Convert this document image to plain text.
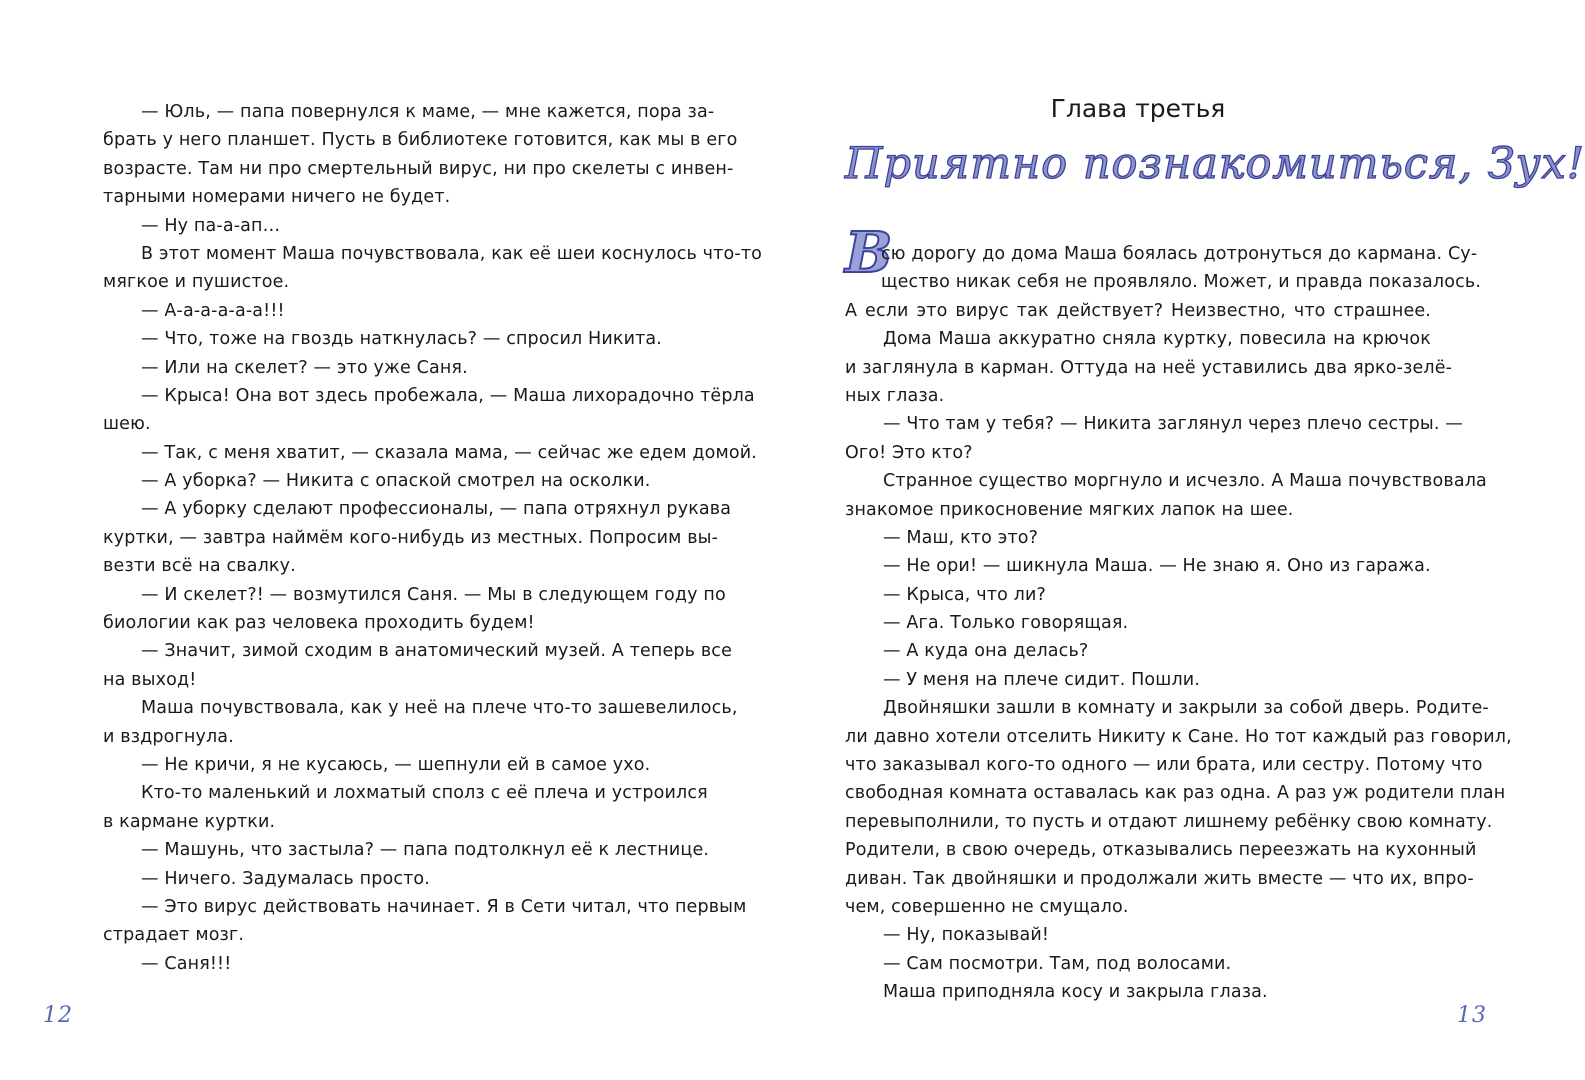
— Юль, — папа повернулся к маме, — мне кажется, пора за-
брать у него планшет. Пусть в библиотеке готовится, как мы в его
возрасте. Там ни про смертельный вирус, ни про скелеты с инвен-
тарными номерами ничего не будет.
— Ну па-а-ап…
В этот момент Маша почувствовала, как её шеи коснулось что-то
мягкое и пушистое.
— А-а-а-а-а-а!!!
— Что, тоже на гвоздь наткнулась? — спросил Никита.
— Или на скелет? — это уже Саня.
— Крыса! Она вот здесь пробежала, — Маша лихорадочно тёрла
шею.
— Так, с меня хватит, — сказала мама, — сейчас же едем домой.
— А уборка? — Никита с опаской смотрел на осколки.
— А уборку сделают профессионалы, — папа отряхнул рукава
куртки, — завтра наймём кого-нибудь из местных. Попросим вы-
везти всё на свалку.
— И скелет?! — возмутился Саня. — Мы в следующем году по
биологии как раз человека проходить будем!
— Значит, зимой сходим в анатомический музей. А теперь все
на выход!
Маша почувствовала, как у неё на плече что-то зашевелилось,
и вздрогнула.
— Не кричи, я не кусаюсь, — шепнули ей в самое ухо.
Кто-то маленький и лохматый сполз с её плеча и устроился
в кармане куртки.
— Машунь, что застыла? — папа подтолкнул её к лестнице.
— Ничего. Задумалась просто.
— Это вирус действовать начинает. Я в Сети читал, что первым
страдает мозг.
— Саня!!!
12
Глава третья
Приятно познакомиться, Зух!
В
сю дорогу до дома Маша боялась дотронуться до кармана. Су-
щество никак себя не проявляло. Может, и правда показалось.
А если это вирус так действует? Неизвестно, что страшнее.
Дома Маша аккуратно сняла куртку, повесила на крючок
и заглянула в карман. Оттуда на неё уставились два ярко-зелё-
ных глаза.
— Что там у тебя? — Никита заглянул через плечо сестры. —
Ого! Это кто?
Странное существо моргнуло и исчезло. А Маша почувствовала
знакомое прикосновение мягких лапок на шее.
— Маш, кто это?
— Не ори! — шикнула Маша. — Не знаю я. Оно из гаража.
— Крыса, что ли?
— Ага. Только говорящая.
— А куда она делась?
— У меня на плече сидит. Пошли.
Двойняшки зашли в комнату и закрыли за собой дверь. Родите-
ли давно хотели отселить Никиту к Сане. Но тот каждый раз говорил,
что заказывал кого-то одного — или брата, или сестру. Потому что
свободная комната оставалась как раз одна. А раз уж родители план
перевыполнили, то пусть и отдают лишнему ребёнку свою комнату.
Родители, в свою очередь, отказывались переезжать на кухонный
диван. Так двойняшки и продолжали жить вместе — что их, впро-
чем, совершенно не смущало.
— Ну, показывай!
— Сам посмотри. Там, под волосами.
Маша приподняла косу и закрыла глаза.
13
